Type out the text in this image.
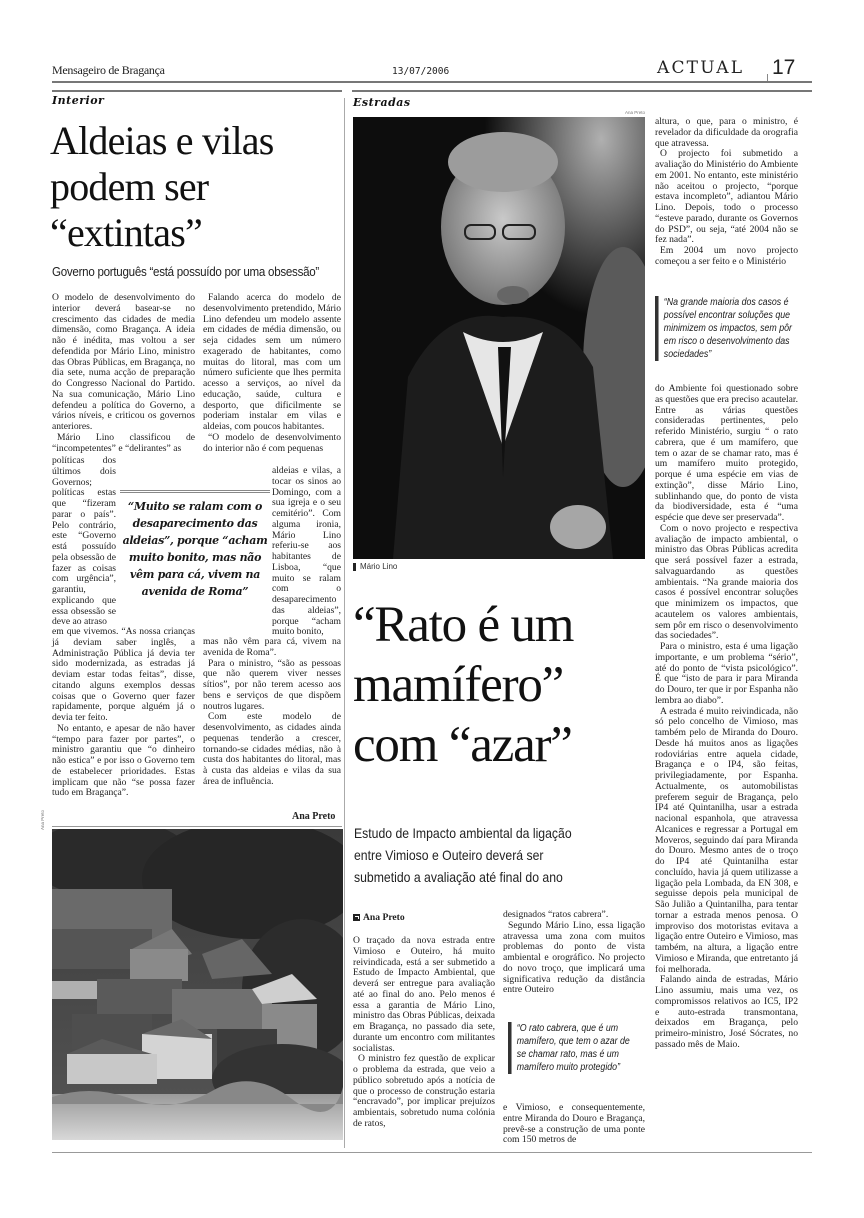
Mensageiro de Bragança	13/07/2006	ACTUAL 17
Interior
Aldeias e vilas
podem ser
“extintas”
Governo português “está possuído por uma obsessão”

O modelo de desenvolvimento do interior deverá basear-se no crescimento das cidades de media dimensão, como Bragança. A ideia não é inédita, mas voltou a ser defendida por Mário Lino, ministro das Obras Públicas, em Bragança, no dia sete, numa acção de preparação do Congresso Nacional do Partido. Na sua comunicação, Mário Lino defendeu a política do Governo, a vários níveis, e criticou os governos anteriores.

Mário Lino classificou de “incompetentes” e “delirantes” as

políticas dos últimos dois Governos; políticas estas que “fizeram parar o país”. Pelo contrário, este “Governo está possuído pela obsessão de fazer as coisas com urgência”, garantiu, explicando que essa obsessão se deve ao atraso

em que vivemos. “As nossa crianças já deviam saber inglês, a Administração Pública já devia ter sido modernizada, as estradas já deviam estar todas feitas”, disse, citando alguns exemplos dessas coisas que o Governo quer fazer rapidamente, porque alguém já o devia ter feito.

No entanto, e apesar de não haver “tempo para fazer por partes”, o ministro garantiu que “o dinheiro não estica” e por isso o Governo tem de estabelecer prioridades. Estas implicam que não “se possa fazer tudo em Bragança”.

Falando acerca do modelo de desenvolvimento pretendido, Mário Lino defendeu um modelo assente em cidades de média dimensão, ou seja cidades sem um número exagerado de habitantes, como muitas do litoral, mas com um número suficiente que lhes permita acesso a serviços, ao nível da educação, saúde, cultura e desporto, que dificilmente se poderiam instalar em vilas e aldeias, com poucos habitantes.

“O modelo de desenvolvimento do interior não é com pequenas

aldeias e vilas, a tocar os sinos ao Domingo, com a sua igreja e o seu cemitério”. Com alguma ironia, Mário Lino referiu-se aos habitantes de Lisboa, “que muito se ralam com o desaparecimento das aldeias”, porque “acham muito bonito,

mas não vêm para cá, vivem na avenida de Roma”.

Para o ministro, “são as pessoas que não querem viver nesses sítios”, por não terem acesso aos bens e serviços de que dispõem noutros lugares.

Com este modelo de desenvolvimento, as cidades ainda pequenas tenderão a crescer, tornando-se cidades médias, não à custa dos habitantes do litoral, mas à custa das aldeias e vilas da sua área de influência.

“Muito se ralam com o desaparecimento das aldeias”, porque “acham muito bonito, mas não vêm para cá, vivem na avenida de Roma”
Ana Preto
Ana Preto
Estradas
Ana Preto
Mário Lino
“Rato é um
mamífero”
com “azar”
Estudo de Impacto ambiental da ligação
entre Vimioso e Outeiro deverá ser
submetido a avaliação até final do ano
Ana Preto

O traçado da nova estrada entre Vimioso e Outeiro, há muito reivindicada, está a ser submetido a Estudo de Impacto Ambiental, que deverá ser entregue para avaliação até ao final do ano. Pelo menos é essa a garantia de Mário Lino, ministro das Obras Públicas, deixada em Bragança, no passado dia sete, durante um encontro com militantes socialistas.

O ministro fez questão de explicar o problema da estrada, que veio a público sobretudo após a notícia de que o processo de construção estaria “encravado”, por implicar prejuízos ambientais, sobretudo numa colónia de ratos,

designados “ratos cabrera”.

Segundo Mário Lino, essa ligação atravessa uma zona com muitos problemas do ponto de vista ambiental e orográfico. No projecto do novo troço, que implicará uma significativa redução da distância entre Outeiro

“O rato cabrera, que é um mamífero, que tem o azar de se chamar rato, mas é um mamífero muito protegido”

e Vimioso, e consequentemente, entre Miranda do Douro e Bragança, prevê-se a construção de uma ponte com 150 metros de

altura, o que, para o ministro, é revelador da dificuldade da orografia que atravessa.

O projecto foi submetido a avaliação do Ministério do Ambiente em 2001. No entanto, este ministério não aceitou o projecto, “porque estava incompleto”, adiantou Mário Lino. Depois, todo o processo “esteve parado, durante os Governos do PSD”, ou seja, “até 2004 não se fez nada”.

Em 2004 um novo projecto começou a ser feito e o Ministério

“Na grande maioria dos casos é possível encontrar soluções que minimizem os impactos, sem pôr em risco o desenvolvimento das sociedades”

do Ambiente foi questionado sobre as questões que era preciso acautelar. Entre as várias questões consideradas pertinentes, pelo referido Ministério, surgiu “ o rato cabrera, que é um mamífero, que tem o azar de se chamar rato, mas é um mamífero muito protegido, porque é uma espécie em vias de extinção”, disse Mário Lino, sublinhando que, do ponto de vista da biodiversidade, esta é “uma espécie que deve ser preservada”.

Com o novo projecto e respectiva avaliação de impacto ambiental, o ministro das Obras Públicas acredita que será possível fazer a estrada, salvaguardando as questões ambientais. “Na grande maioria dos casos é possível encontrar soluções que minimizem os impactos, que acautelem os valores ambientais, sem pôr em risco o desenvolvimento das sociedades”.

Para o ministro, esta é uma ligação importante, e um problema “sério”, até do ponto de “vista psicológico”. É que “isto de para ir para Miranda do Douro, ter que ir por Espanha não lembra ao diabo”.

A estrada é muito reivindicada, não só pelo concelho de Vimioso, mas também pelo de Miranda do Douro. Desde há muitos anos as ligações rodoviárias entre aquela cidade, Bragança e o IP4, são feitas, privilegiadamente, por Espanha. Actualmente, os automobilistas preferem seguir de Bragança, pelo IP4 até Quintanilha, usar a estrada nacional espanhola, que atravessa Alcanices e regressar a Portugal em Moveros, seguindo daí para Miranda do Douro. Mesmo antes de o troço do IP4 até Quintanilha estar concluído, havia já quem utilizasse a ligação pela Lombada, da EN 308, e seguisse depois pela municipal de São Julião a Quintanilha, para tentar tornar a estrada menos penosa. O improviso dos motoristas evitava a ligação entre Outeiro e Vimioso, mas também, na altura, a ligação entre Vimioso e Miranda, que entretanto já foi melhorada.

Falando ainda de estradas, Mário Lino assumiu, mais uma vez, os compromissos relativos ao IC5, IP2 e auto-estrada transmontana, deixados em Bragança, pelo primeiro-ministro, José Sócrates, no passado mês de Maio.
